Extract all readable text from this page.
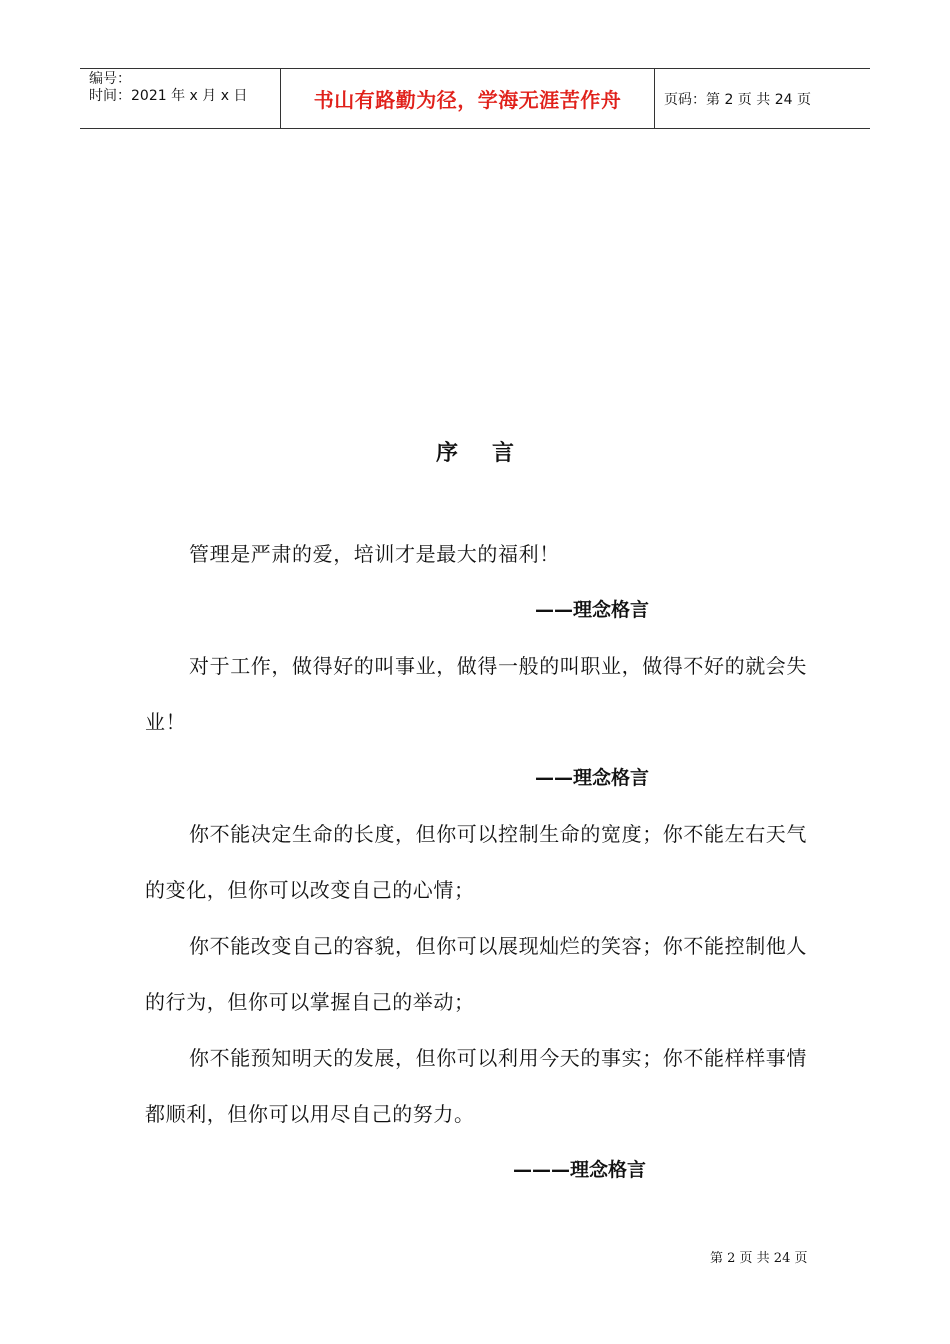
编号：
时间：2021 年 x 月 x 日	书山有路勤为径，学海无涯苦作舟	页码：第 2 页 共 24 页
序言

管理是严肃的爱，培训才是最大的福利！

——理念格言

对于工作，做得好的叫事业，做得一般的叫职业，做得不好的就会失业！

——理念格言

你不能决定生命的长度，但你可以控制生命的宽度；你不能左右天气的变化，但你可以改变自己的心情；

你不能改变自己的容貌，但你可以展现灿烂的笑容；你不能控制他人的行为，但你可以掌握自己的举动；

你不能预知明天的发展，但你可以利用今天的事实；你不能样样事情都顺利，但你可以用尽自己的努力。

———理念格言

第 2 页 共 24 页
